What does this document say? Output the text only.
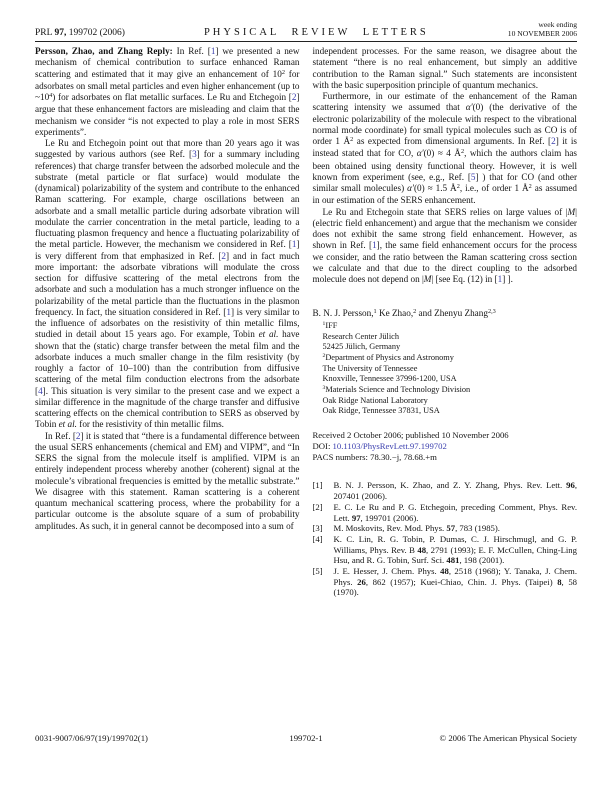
PRL 97, 199702 (2006)	PHYSICAL REVIEW LETTERS
week ending
10 NOVEMBER 2006

Persson, Zhao, and Zhang Reply: In Ref. [1] we presented a new mechanism of chemical contribution to surface enhanced Raman scattering and estimated that it may give an enhancement of $10^2$ for adsorbates on small metal particles and even higher enhancement (up to $\sim 10^4$) for adsorbates on flat metallic surfaces. Le Ru and Etchegoin [2] argue that these enhancement factors are misleading and claim that the mechanism we consider “is not expected to play a role in most SERS experiments”.

Le Ru and Etchegoin point out that more than 20 years ago it was suggested by various authors (see Ref. [3] for a summary including references) that charge transfer between the adsorbed molecule and the substrate (metal particle or flat surface) would modulate the (dynamical) polarizability of the system and contribute to the enhanced Raman scattering. For example, charge oscillations between an adsorbate and a small metallic particle during adsorbate vibration will modulate the carrier concentration in the metal particle, leading to a fluctuating plasmon frequency and hence a fluctuating polarizability of the metal particle. However, the mechanism we considered in Ref. [1] is very different from that emphasized in Ref. [2] and in fact much more important: the adsorbate vibrations will modulate the cross section for diffusive scattering of the metal electrons from the adsorbate and such a modulation has a much stronger influence on the polarizability of the metal particle than the fluctuations in the plasmon frequency. In fact, the situation considered in Ref. [1] is very similar to the influence of adsorbates on the resistivity of thin metallic films, studied in detail about 15 years ago. For example, Tobin et al. have shown that the (static) charge transfer between the metal film and the adsorbate induces a much smaller change in the film resistivity (by roughly a factor of 10–100) than the contribution from diffusive scattering of the metal film conduction electrons from the adsorbate [4]. This situation is very similar to the present case and we expect a similar difference in the magnitude of the charge transfer and diffusive scattering effects on the chemical contribution to SERS as observed by Tobin et al. for the resistivity of thin metallic films.

In Ref. [2] it is stated that “there is a fundamental difference between the usual SERS enhancements (chemical and EM) and VIPM”, and “In SERS the signal from the molecule itself is amplified. VIPM is an entirely independent process whereby another (coherent) signal at the molecule’s vibrational frequencies is emitted by the metallic substrate.” We disagree with this statement. Raman scattering is a coherent quantum mechanical scattering process, where the probability for a particular outcome is the absolute square of a sum of probability amplitudes. As such, it in general cannot be decomposed into a sum of

independent processes. For the same reason, we disagree about the statement “there is no real enhancement, but simply an additive contribution to the Raman signal.” Such statements are inconsistent with the basic superposition principle of quantum mechanics.

Furthermore, in our estimate of the enhancement of the Raman scattering intensity we assumed that α′(0) (the derivative of the electronic polarizability of the molecule with respect to the vibrational normal mode coordinate) for small typical molecules such as CO is of order 1 $Å^2$ as expected from dimensional arguments. In Ref. [2] it is instead stated that for CO, α′(0) ≈ 4 $Å^2$, which the authors claim has been obtained using density functional theory. However, it is well known from experiment (see, e.g., Ref. [5] ) that for CO (and other similar small molecules) α′(0) ≈ 1.5 $Å^2$, i.e., of order 1 $Å^2$ as assumed in our estimation of the SERS enhancement.

Le Ru and Etchegoin state that SERS relies on large values of |M| (electric field enhancement) and argue that the mechanism we consider does not exhibit the same strong field enhancement. However, as shown in Ref. [1], the same field enhancement occurs for the process we consider, and the ratio between the Raman scattering cross section we calculate and that due to the direct coupling to the adsorbed molecule does not depend on |M| [see Eq. (12) in [1] ].

B. N. J. Persson,$^1$ Ke Zhao,$^2$ and Zhenyu Zhang$^{2,3}$
$^1$IFF
Research Center Jülich
52425 Jülich, Germany
$^2$Department of Physics and Astronomy
The University of Tennessee
Knoxville, Tennessee 37996-1200, USA
$^3$Materials Science and Technology Division
Oak Ridge National Laboratory
Oak Ridge, Tennessee 37831, USA
Received 2 October 2006; published 10 November 2006
DOI: 10.1103/PhysRevLett.97.199702
PACS numbers: 78.30.−j, 78.68.+m
[1]	B. N. J. Persson, K. Zhao, and Z. Y. Zhang, Phys. Rev. Lett. 96, 207401 (2006).
[2]	E. C. Le Ru and P. G. Etchegoin, preceding Comment, Phys. Rev. Lett. 97, 199701 (2006).
[3]	M. Moskovits, Rev. Mod. Phys. 57, 783 (1985).
[4]	K. C. Lin, R. G. Tobin, P. Dumas, C. J. Hirschmugl, and G. P. Williams, Phys. Rev. B 48, 2791 (1993); E. F. McCullen, Ching-Ling Hsu, and R. G. Tobin, Surf. Sci. 481, 198 (2001).
[5]	J. E. Hesser, J. Chem. Phys. 48, 2518 (1968); Y. Tanaka, J. Chem. Phys. 26, 862 (1957); Kuei-Chiao, Chin. J. Phys. (Taipei) 8, 58 (1970).
0031-9007/06/97(19)/199702(1)	199702-1	© 2006 The American Physical Society
